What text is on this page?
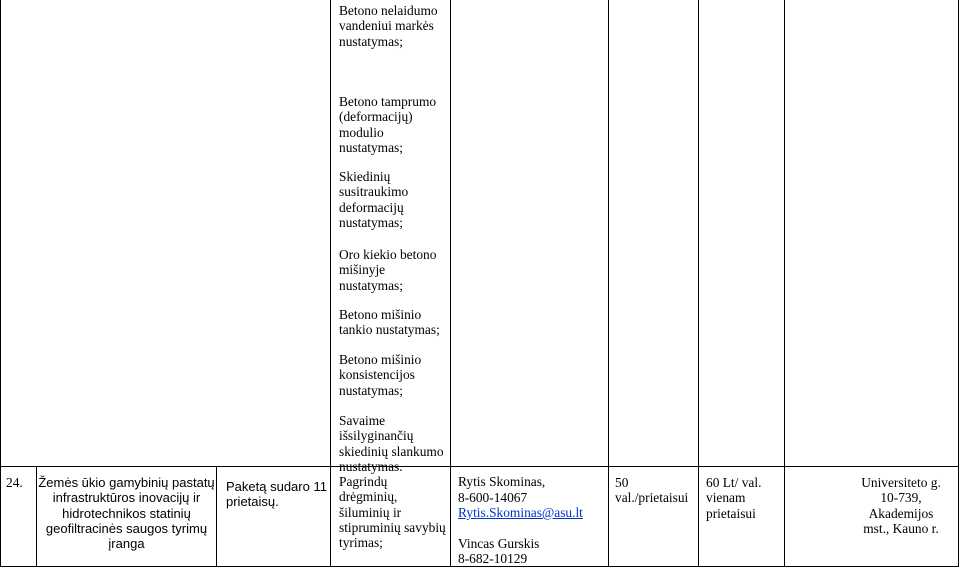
Betono nelaidumo
vandeniui markės
nustatymas;
Betono tamprumo
(deformacijų)
modulio
nustatymas;
Skiedinių
susitraukimo
deformacijų
nustatymas;
Oro kiekio betono
mišinyje
nustatymas;
Betono mišinio
tankio nustatymas;
Betono mišinio
konsistencijos
nustatymas;
Savaime
išsilyginančių
skiedinių slankumo
nustatymas.
Pagrindų
drėgminių,
šiluminių ir
stipruminių savybių
tyrimas;
24. Žemės ūkio gamybinių pastatų
infrastruktūros inovacijų ir
hidrotechnikos statinių
geofiltracinės saugos tyrimų
įranga
Paketą sudaro 11
prietaisų.
Rytis Skominas,
8-600-14067
Rytis.Skominas@asu.lt
Vincas Gurskis
8-682-10129
50
val./prietaisui
60 Lt/ val.
vienam
prietaisui
Universiteto g.
10-739,
Akademijos
mst., Kauno r.
